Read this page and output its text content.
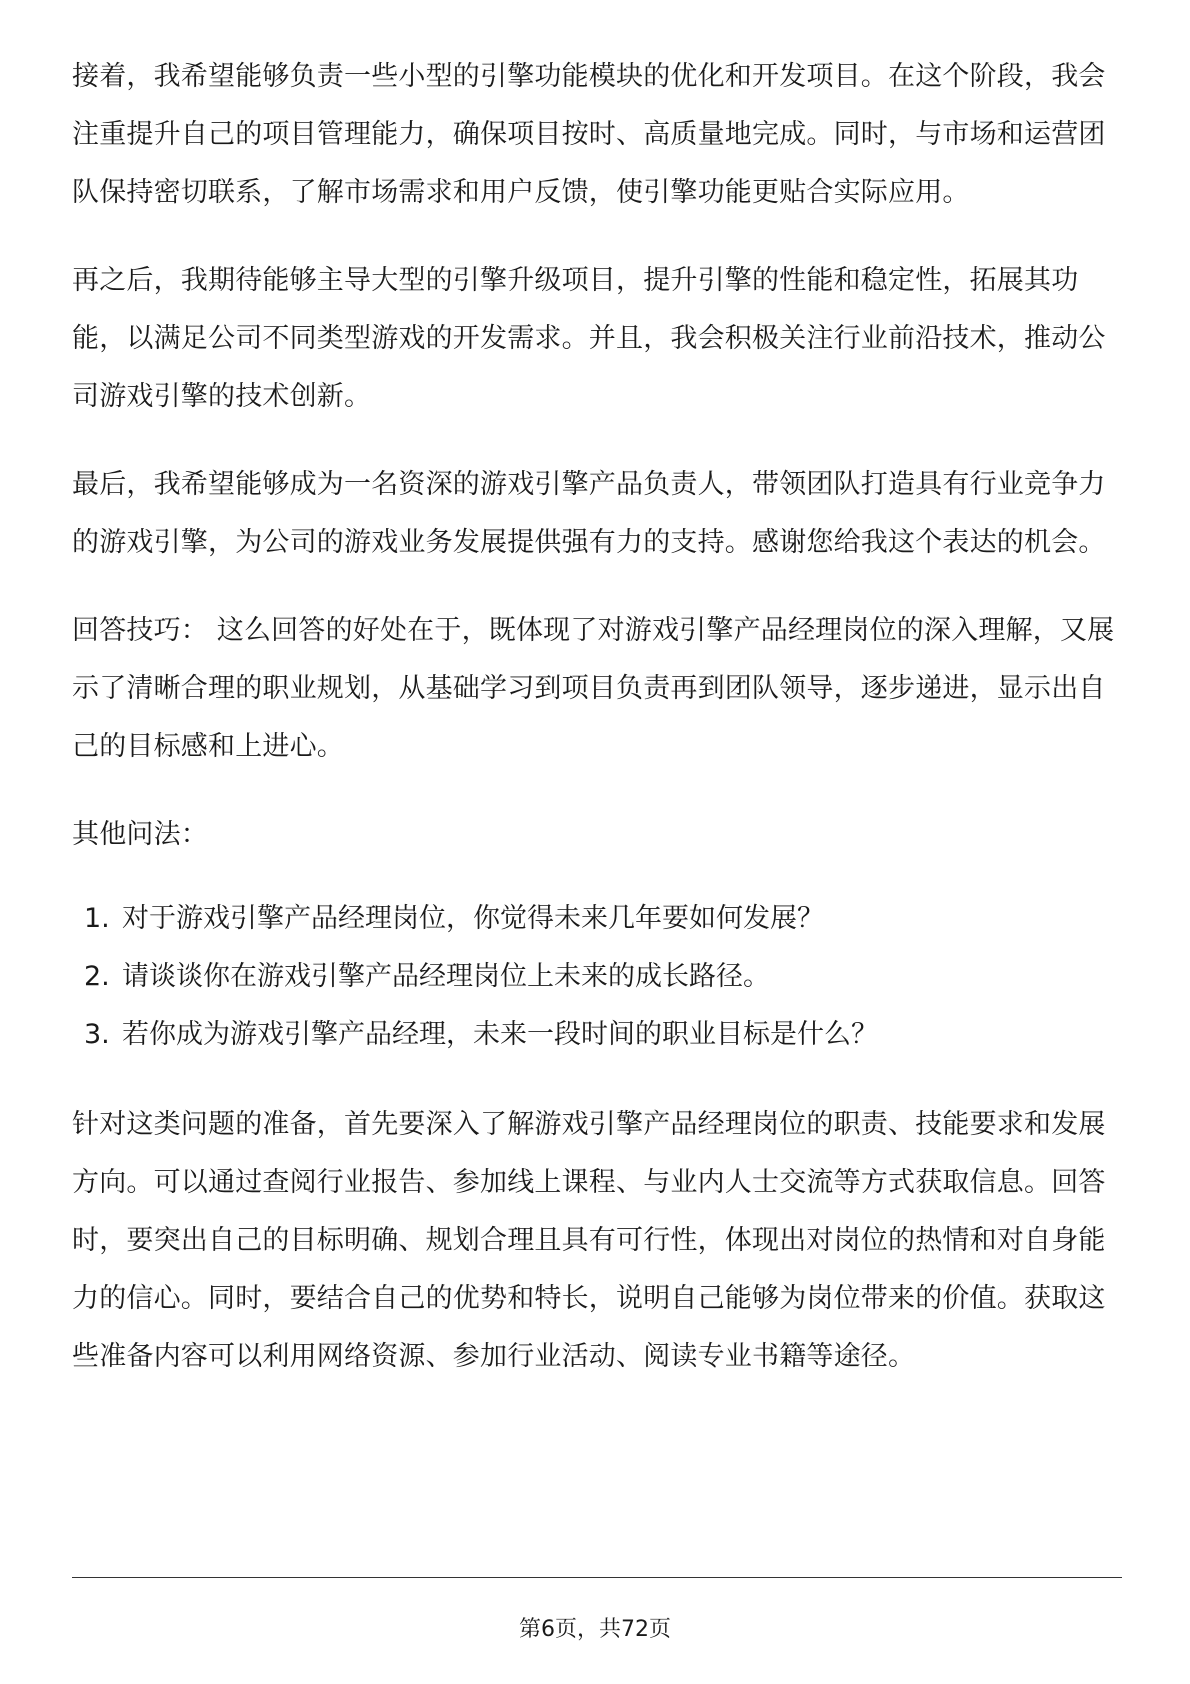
接着，我希望能够负责一些小型的引擎功能模块的优化和开发项目。在这个阶段，我会注重提升自己的项目管理能力，确保项目按时、高质量地完成。同时，与市场和运营团队保持密切联系，了解市场需求和用户反馈，使引擎功能更贴合实际应用。

再之后，我期待能够主导大型的引擎升级项目，提升引擎的性能和稳定性，拓展其功能，以满足公司不同类型游戏的开发需求。并且，我会积极关注行业前沿技术，推动公司游戏引擎的技术创新。

最后，我希望能够成为一名资深的游戏引擎产品负责人，带领团队打造具有行业竞争力的游戏引擎，为公司的游戏业务发展提供强有力的支持。感谢您给我这个表达的机会。

回答技巧： 这么回答的好处在于，既体现了对游戏引擎产品经理岗位的深入理解，又展示了清晰合理的职业规划，从基础学习到项目负责再到团队领导，逐步递进，显示出自己的目标感和上进心。

其他问法：

1. 对于游戏引擎产品经理岗位，你觉得未来几年要如何发展？
2. 请谈谈你在游戏引擎产品经理岗位上未来的成长路径。
3. 若你成为游戏引擎产品经理，未来一段时间的职业目标是什么？

针对这类问题的准备，首先要深入了解游戏引擎产品经理岗位的职责、技能要求和发展方向。可以通过查阅行业报告、参加线上课程、与业内人士交流等方式获取信息。回答时，要突出自己的目标明确、规划合理且具有可行性，体现出对岗位的热情和对自身能力的信心。同时，要结合自己的优势和特长，说明自己能够为岗位带来的价值。获取这些准备内容可以利用网络资源、参加行业活动、阅读专业书籍等途径。

第6页，共72页
